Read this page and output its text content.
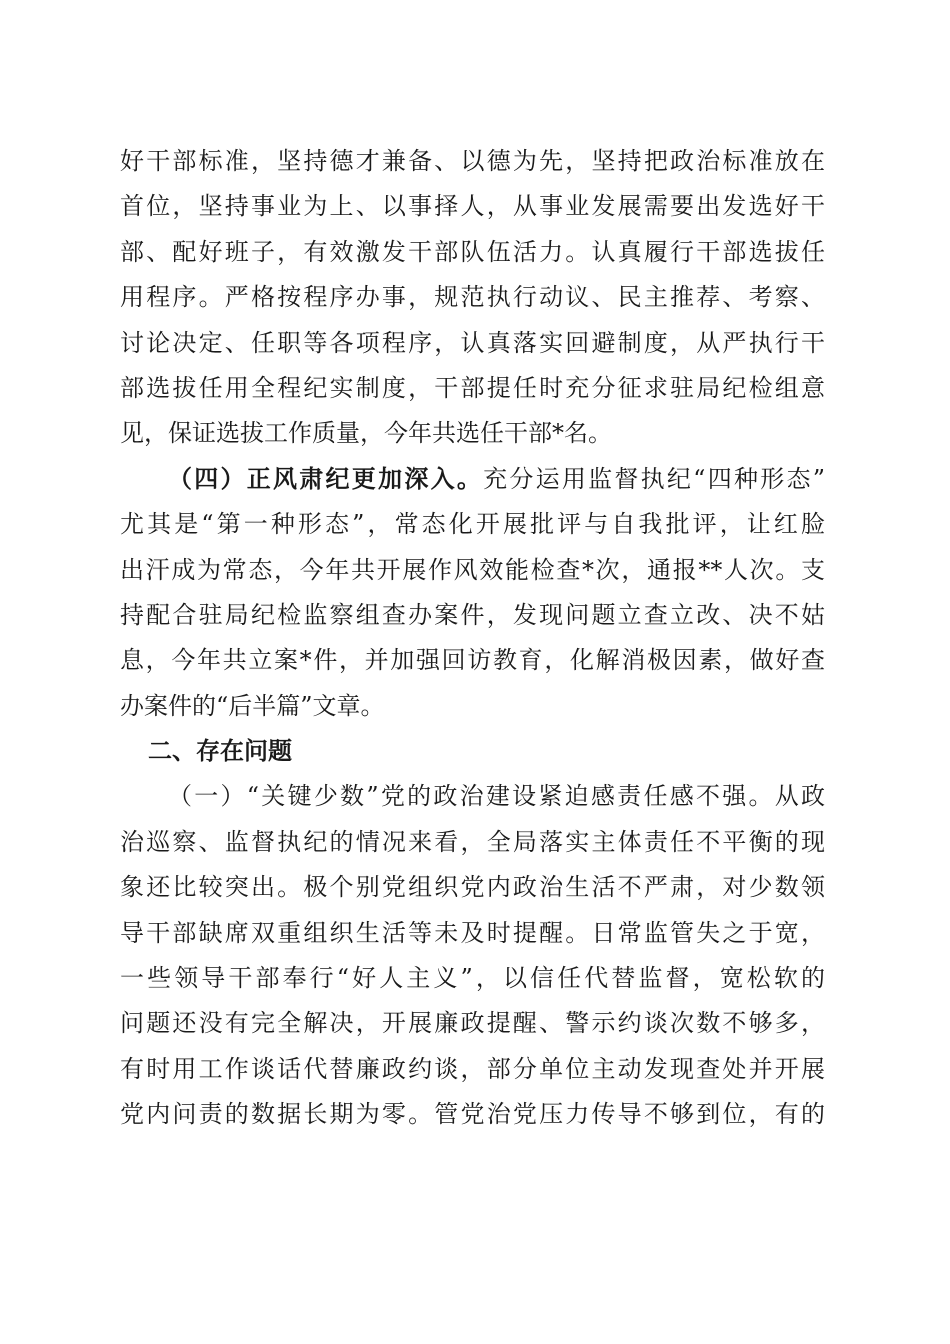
好干部标准，坚持德才兼备、以德为先，坚持把政治标准放在
首位，坚持事业为上、以事择人，从事业发展需要出发选好干
部、配好班子，有效激发干部队伍活力。认真履行干部选拔任
用程序。严格按程序办事，规范执行动议、民主推荐、考察、
讨论决定、任职等各项程序，认真落实回避制度，从严执行干
部选拔任用全程纪实制度，干部提任时充分征求驻局纪检组意
见，保证选拔工作质量，今年共选任干部*名。
（四）正风肃纪更加深入。充分运用监督执纪“四种形态”
尤其是“第一种形态”，常态化开展批评与自我批评，让红脸
出汗成为常态，今年共开展作风效能检查*次，通报**人次。支
持配合驻局纪检监察组查办案件，发现问题立查立改、决不姑
息，今年共立案*件，并加强回访教育，化解消极因素，做好查
办案件的“后半篇”文章。
二、存在问题
（一）“关键少数”党的政治建设紧迫感责任感不强。从政
治巡察、监督执纪的情况来看，全局落实主体责任不平衡的现
象还比较突出。极个别党组织党内政治生活不严肃，对少数领
导干部缺席双重组织生活等未及时提醒。日常监管失之于宽，
一些领导干部奉行“好人主义”，以信任代替监督，宽松软的
问题还没有完全解决，开展廉政提醒、警示约谈次数不够多，
有时用工作谈话代替廉政约谈，部分单位主动发现查处并开展
党内问责的数据长期为零。管党治党压力传导不够到位，有的
